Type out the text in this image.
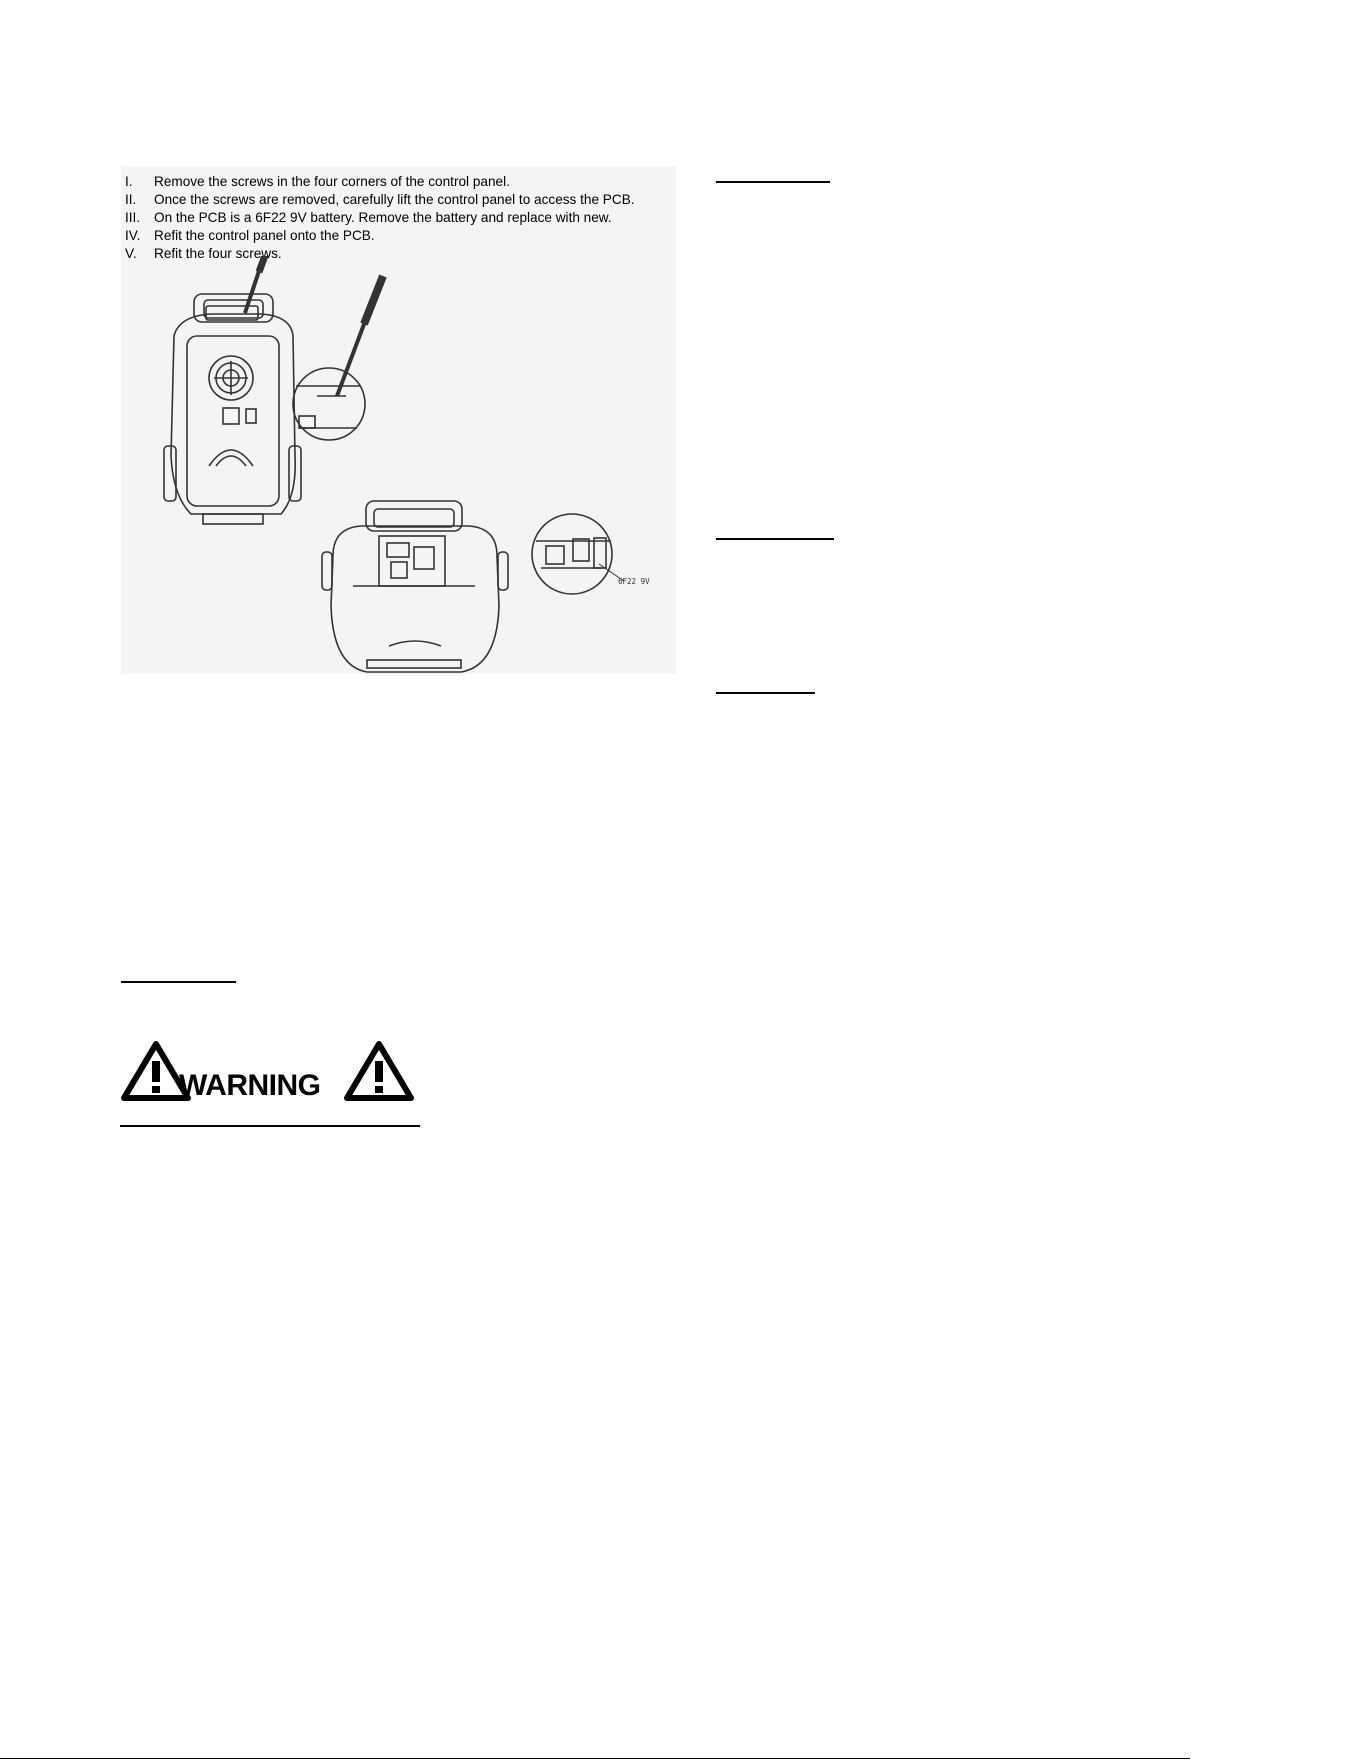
I.	Remove the screws in the four corners of the control panel.
II.	Once the screws are removed, carefully lift the control panel to access the PCB.
III.	On the PCB is a 6F22 9V battery. Remove the battery and replace with new.
IV.	Refit the control panel onto the PCB.
V.	Refit the four screws.
6F22 9V
WARNING
